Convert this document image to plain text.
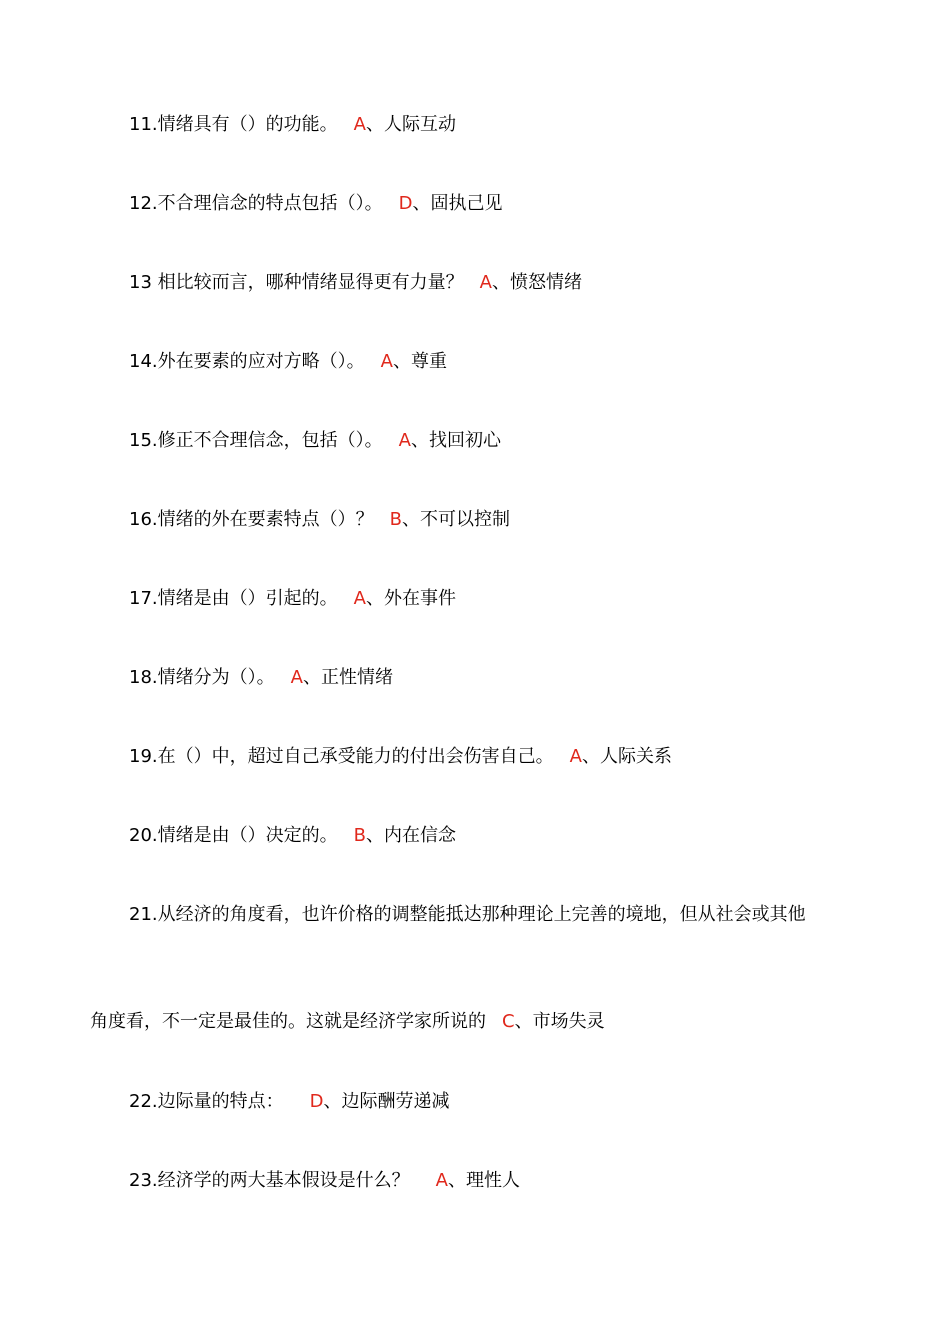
11.情绪具有（）的功能。 A、人际互动
12.不合理信念的特点包括（）。 D、固执己见
13 相比较而言，哪种情绪显得更有力量？ A、愤怒情绪
14.外在要素的应对方略（）。 A、尊重
15.修正不合理信念，包括（）。 A、找回初心
16.情绪的外在要素特点（）？ B、不可以控制
17.情绪是由（）引起的。 A、外在事件
18.情绪分为（）。 A、正性情绪
19.在（）中，超过自己承受能力的付出会伤害自己。 A、人际关系
20.情绪是由（）决定的。 B、内在信念
21.从经济的角度看，也许价格的调整能抵达那种理论上完善的境地，但从社会或其他
角度看，不一定是最佳的。这就是经济学家所说的 C、市场失灵
22.边际量的特点： D、边际酬劳递减
23.经济学的两大基本假设是什么？ A、理性人
